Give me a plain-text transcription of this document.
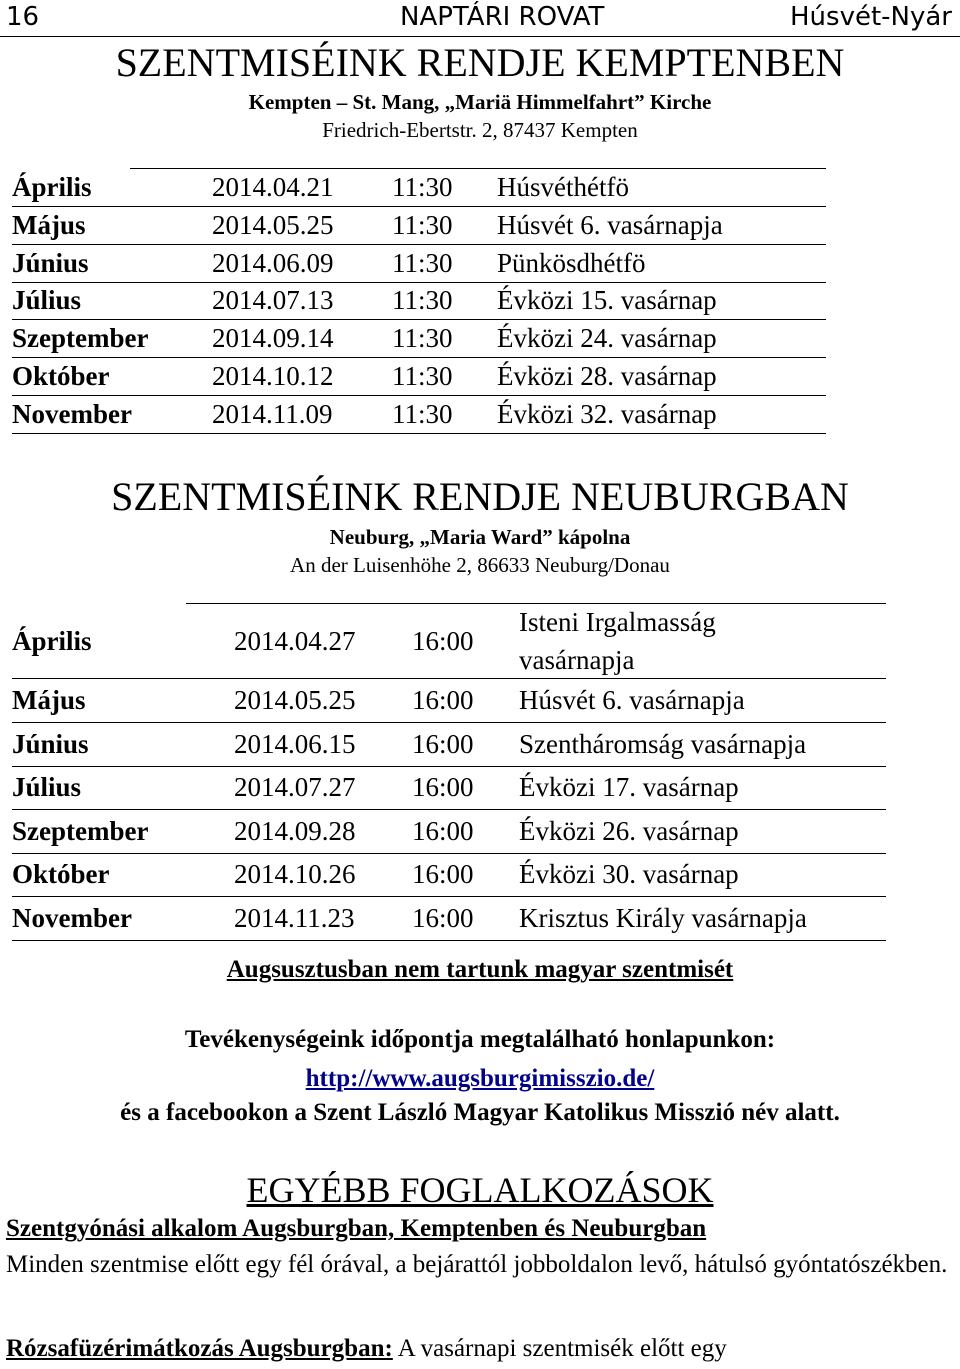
16	NAPTÁRI ROVAT	Húsvét-Nyár
SZENTMISÉINK RENDJE KEMPTENBEN
Kempten – St. Mang, „Mariä Himmelfahrt” Kirche
Friedrich-Ebertstr. 2, 87437 Kempten
Április	2014.04.21 11:30 Húsvéthétfö
Május	2014.05.25 11:30 Húsvét 6. vasárnapja
Június	2014.06.09 11:30 Pünkösdhétfö
Július	2014.07.13 11:30 Évközi 15. vasárnap
Szeptember 2014.09.14 11:30 Évközi 24. vasárnap
Október	2014.10.12 11:30 Évközi 28. vasárnap
November	2014.11.09 11:30 Évközi 32. vasárnap
SZENTMISÉINK RENDJE NEUBURGBAN
Neuburg, „Maria Ward” kápolna
An der Luisenhöhe 2, 86633 Neuburg/Donau
Április	2014.04.27 16:00
Isteni Irgalmasság
vasárnapja
Május	2014.05.25 16:00 Húsvét 6. vasárnapja
Június	2014.06.15 16:00 Szentháromság vasárnapja
Július	2014.07.27 16:00 Évközi 17. vasárnap
Szeptember	2014.09.28 16:00 Évközi 26. vasárnap
Október	2014.10.26 16:00 Évközi 30. vasárnap
November	2014.11.23 16:00 Krisztus Király vasárnapja
Augsusztusban nem tartunk magyar szentmisét
Tevékenységeink időpontja megtalálható honlapunkon:
http://www.augsburgimisszio.de/
és a facebookon a Szent László Magyar Katolikus Misszió név alatt.
EGYÉBB FOGLALKOZÁSOK
Szentgyónási alkalom Augsburgban, Kemptenben és Neuburgban
Minden szentmise előtt egy fél órával, a bejárattól jobboldalon levő, hátulsó gyóntatószékben.
Rózsafüzérimátkozás Augsburgban: A vasárnapi szentmisék előtt egy
